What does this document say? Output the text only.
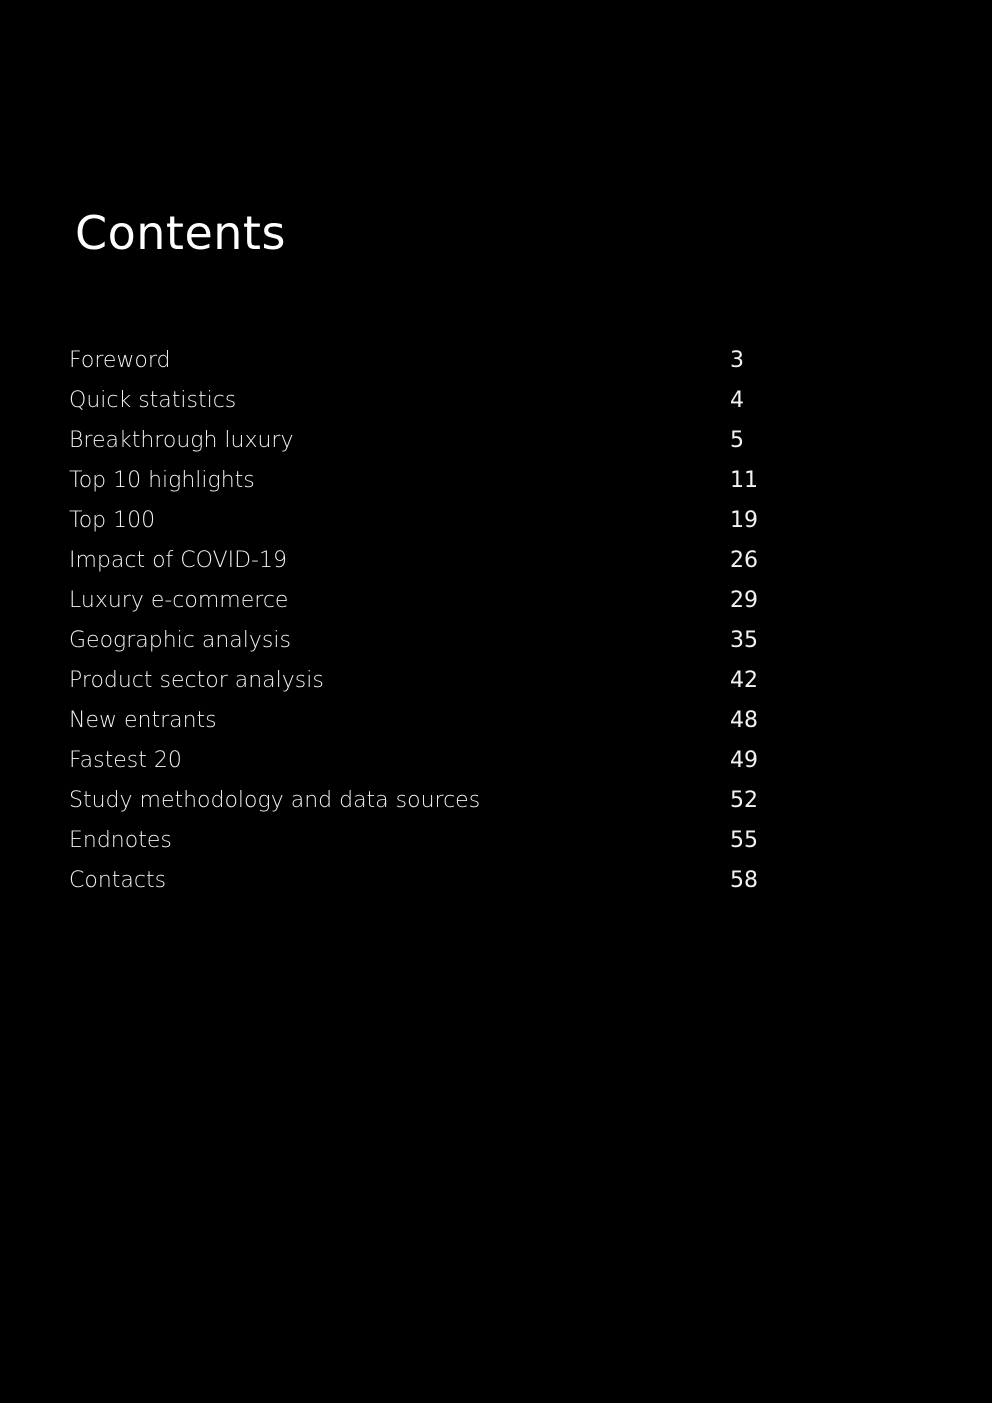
Contents
Foreword	3
Quick statistics	4
Breakthrough luxury	5
Top 10 highlights	11
Top 100	19
Impact of COVID-19	26
Luxury e-commerce	29
Geographic analysis	35
Product sector analysis	42
New entrants	48
Fastest 20	49
Study methodology and data sources	52
Endnotes	55
Contacts	58
